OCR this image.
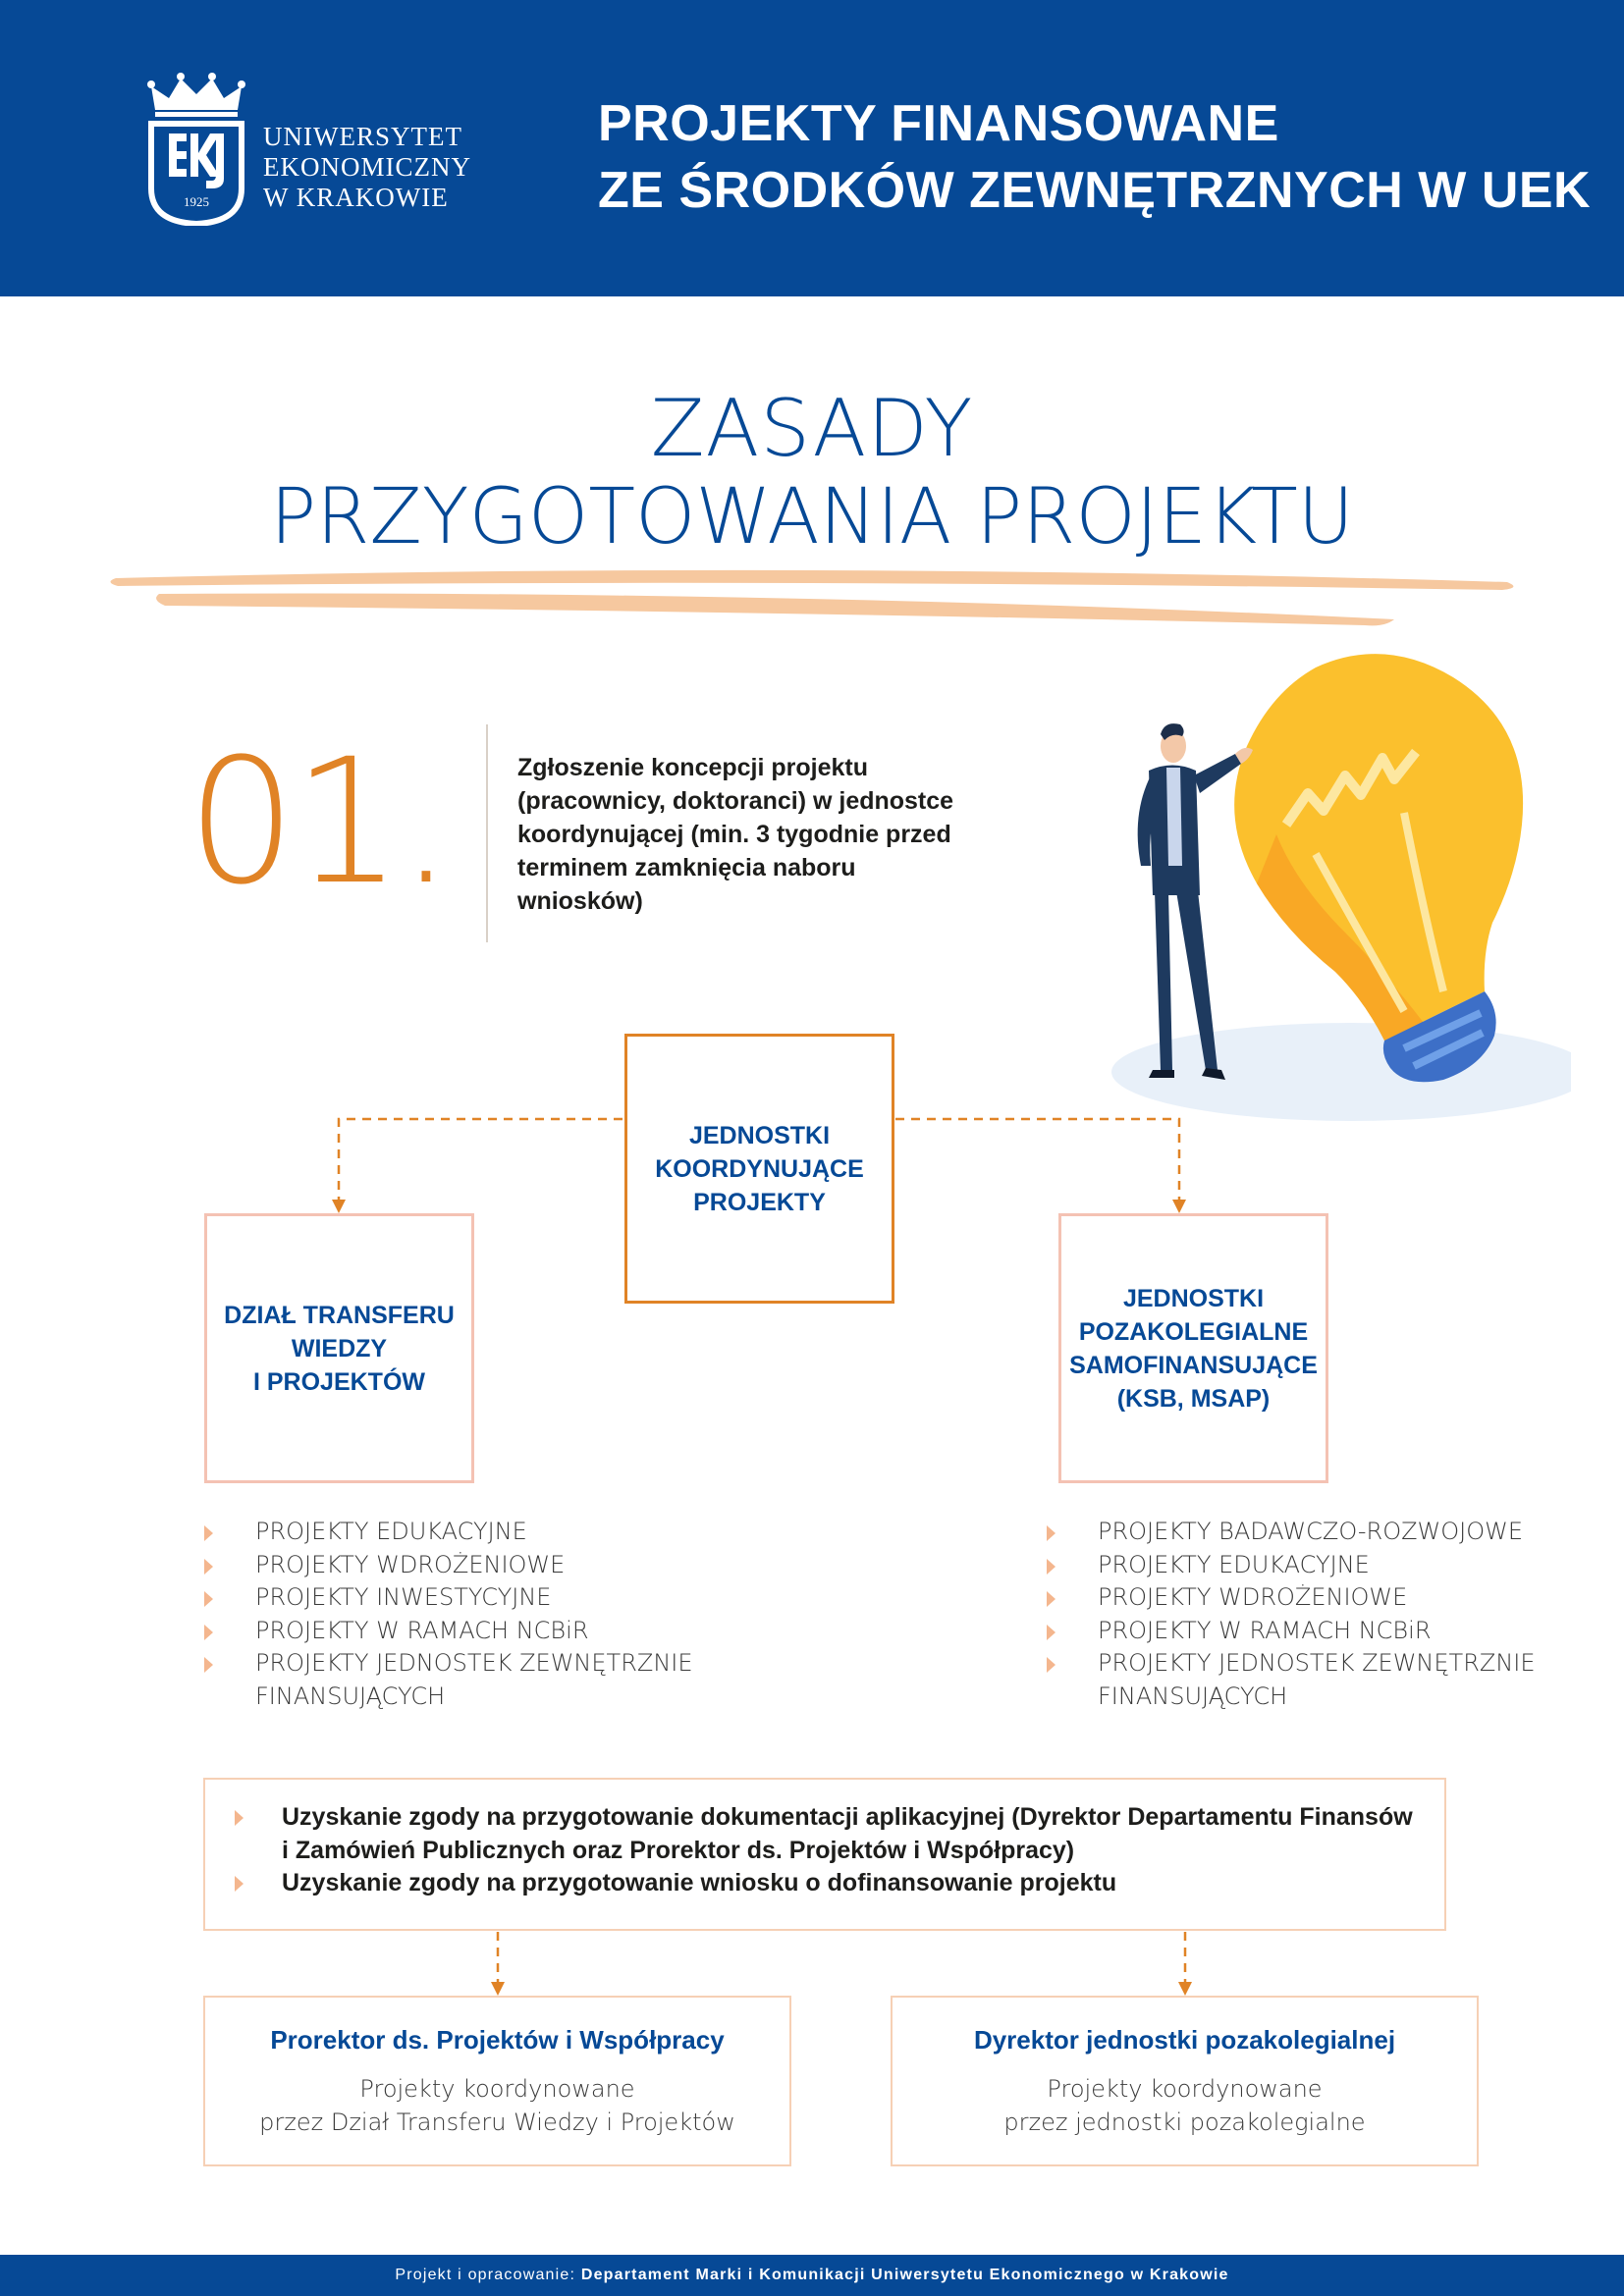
1925
UNIWERSYTET
EKONOMICZNY
W KRAKOWIE
PROJEKTY FINANSOWANE
ZE ŚRODKÓW ZEWNĘTRZNYCH W UEK
ZASADY
PRZYGOTOWANIA PROJEKTU
01.	Zgłoszenie koncepcji projektu (pracownicy, doktoranci) w jednostce koordynującej (min. 3 tygodnie przed terminem zamknięcia naboru wniosków)
JEDNOSTKI
KOORDYNUJĄCE
PROJEKTY
DZIAŁ TRANSFERU
WIEDZY
I PROJEKTÓW
JEDNOSTKI
POZAKOLEGIALNE
SAMOFINANSUJĄCE
(KSB, MSAP)
PROJEKTY EDUKACYJNE
PROJEKTY WDROŻENIOWE
PROJEKTY INWESTYCYJNE
PROJEKTY W RAMACH NCBiR
PROJEKTY JEDNOSTEK ZEWNĘTRZNIE FINANSUJĄCYCH
PROJEKTY BADAWCZO-ROZWOJOWE
PROJEKTY EDUKACYJNE
PROJEKTY WDROŻENIOWE
PROJEKTY W RAMACH NCBiR
PROJEKTY JEDNOSTEK ZEWNĘTRZNIE FINANSUJĄCYCH
Uzyskanie zgody na przygotowanie dokumentacji aplikacyjnej (Dyrektor Departamentu Finansów i Zamówień Publicznych oraz Prorektor ds. Projektów i Współpracy)
Uzyskanie zgody na przygotowanie wniosku o dofinansowanie projektu
Prorektor ds. Projektów i Współpracy
Projekty koordynowane
przez Dział Transferu Wiedzy i Projektów
Dyrektor jednostki pozakolegialnej
Projekty koordynowane
przez jednostki pozakolegialne
Projekt i opracowanie: Departament Marki i Komunikacji Uniwersytetu Ekonomicznego w Krakowie
